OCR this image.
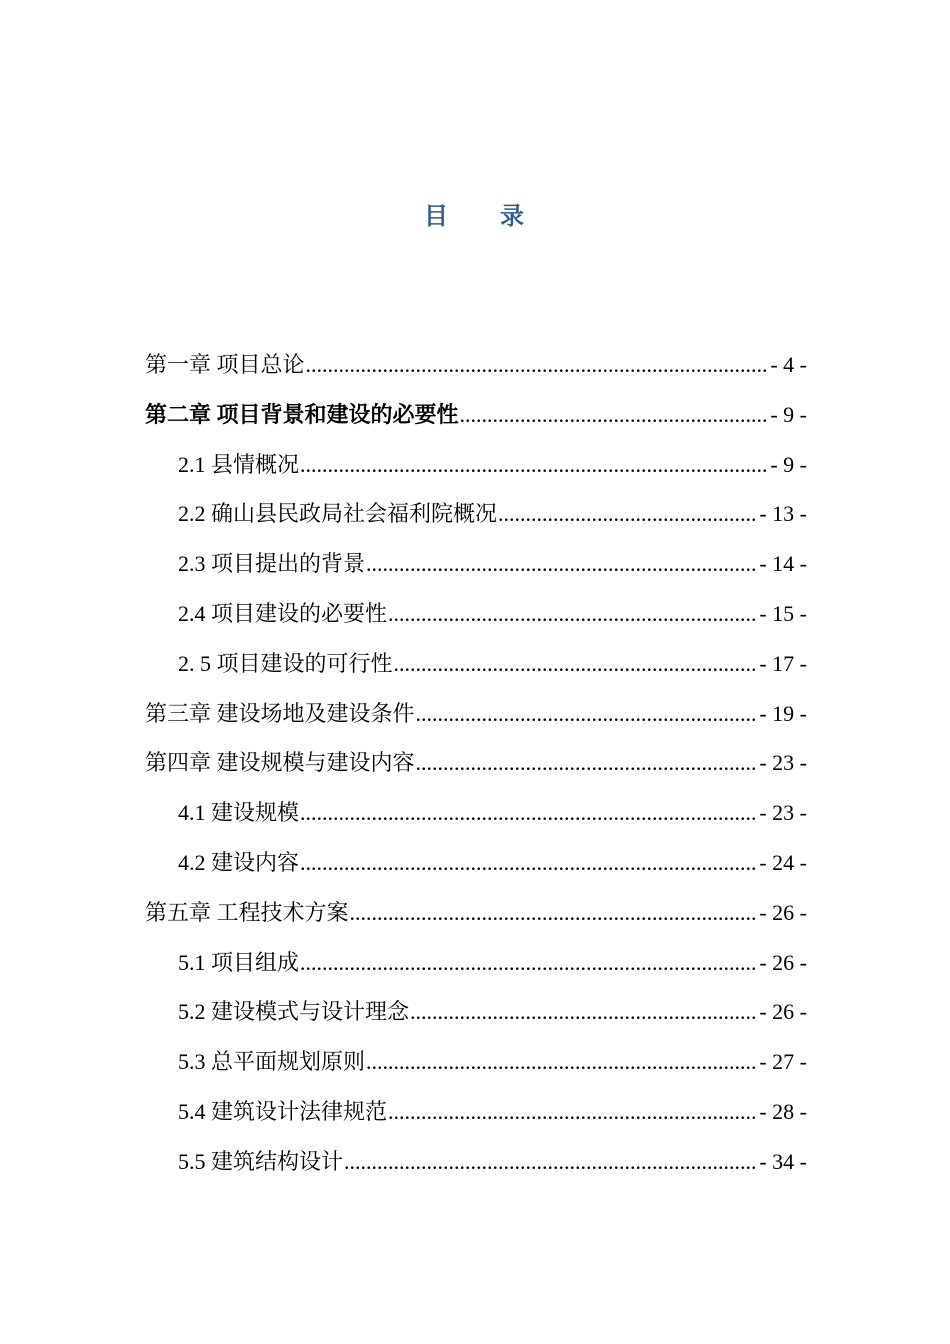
目 录
第一章 项目总论 .....	- 4 -
第二章 项目背景和建设的必要性 .....	- 9 -
2.1 县情概况 .....	- 9 -
2.2 确山县民政局社会福利院概况 .....	- 13 -
2.3 项目提出的背景 .....	- 14 -
2.4 项目建设的必要性 .....	- 15 -
2. 5 项目建设的可行性 .....	- 17 -
第三章 建设场地及建设条件 .....	- 19 -
第四章 建设规模与建设内容 .....	- 23 -
4.1 建设规模 .....	- 23 -
4.2 建设内容 .....	- 24 -
第五章 工程技术方案 .....	- 26 -
5.1 项目组成 .....	- 26 -
5.2 建设模式与设计理念 .....	- 26 -
5.3 总平面规划原则 .....	- 27 -
5.4 建筑设计法律规范 .....	- 28 -
5.5 建筑结构设计 .....	- 34 -
